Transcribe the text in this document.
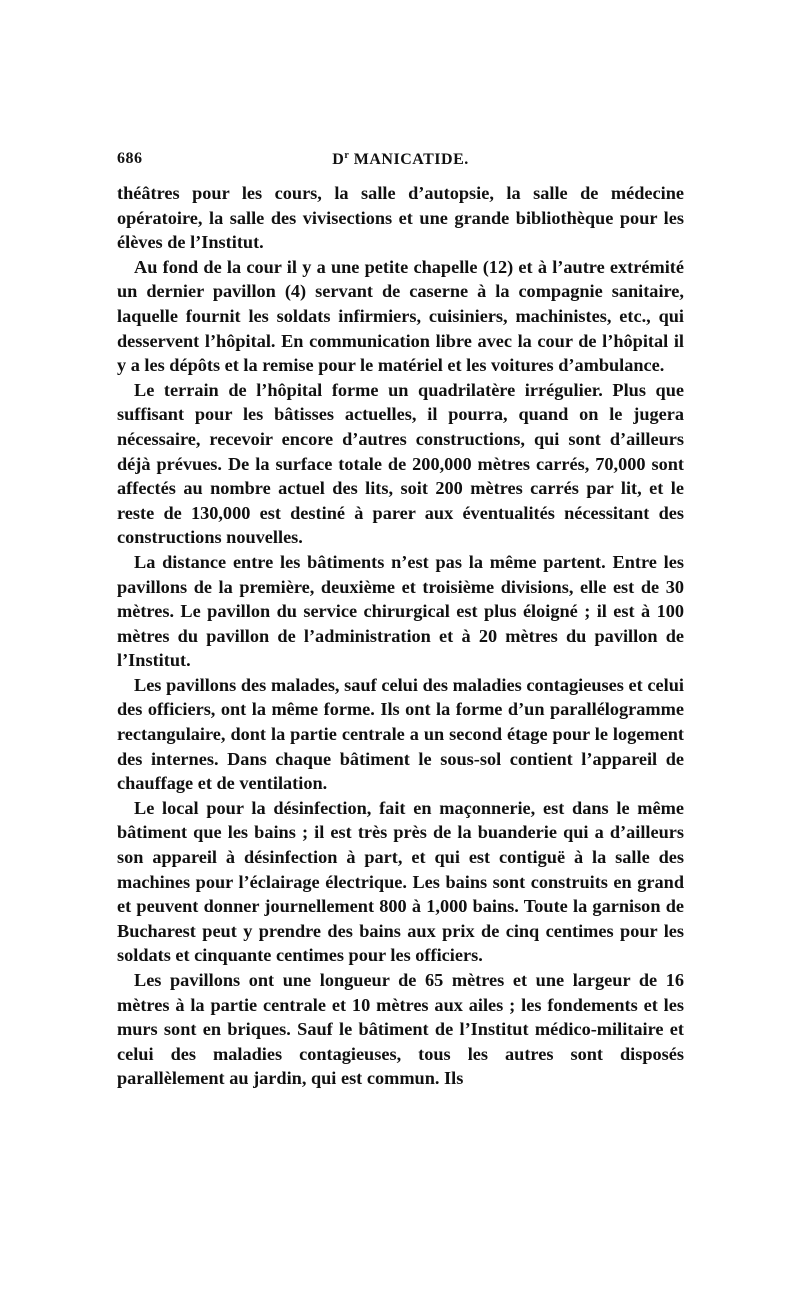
686	$D^r$ MANICATIDE.

théâtres pour les cours, la salle d’autopsie, la salle de médecine opératoire, la salle des vivisections et une grande bibliothèque pour les élèves de l’Institut.

Au fond de la cour il y a une petite chapelle (12) et à l’autre extrémité un dernier pavillon (4) servant de caserne à la compagnie sanitaire, laquelle fournit les soldats infirmiers, cuisiniers, machinistes, etc., qui desservent l’hôpital. En communication libre avec la cour de l’hôpital il y a les dépôts et la remise pour le matériel et les voitures d’ambulance.

Le terrain de l’hôpital forme un quadrilatère irrégulier. Plus que suffisant pour les bâtisses actuelles, il pourra, quand on le jugera nécessaire, recevoir encore d’autres constructions, qui sont d’ailleurs déjà prévues. De la surface totale de 200,000 mètres carrés, 70,000 sont affectés au nombre actuel des lits, soit 200 mètres carrés par lit, et le reste de 130,000 est destiné à parer aux éventualités nécessitant des constructions nouvelles.

La distance entre les bâtiments n’est pas la même partent. Entre les pavillons de la première, deuxième et troisième divisions, elle est de 30 mètres. Le pavillon du service chirurgical est plus éloigné ; il est à 100 mètres du pavillon de l’administration et à 20 mètres du pavillon de l’Institut.

Les pavillons des malades, sauf celui des maladies contagieuses et celui des officiers, ont la même forme. Ils ont la forme d’un parallélogramme rectangulaire, dont la partie centrale a un second étage pour le logement des internes. Dans chaque bâtiment le sous-sol contient l’appareil de chauffage et de ventilation.

Le local pour la désinfection, fait en maçonnerie, est dans le même bâtiment que les bains ; il est très près de la buanderie qui a d’ailleurs son appareil à désinfection à part, et qui est contiguë à la salle des machines pour l’éclairage électrique. Les bains sont construits en grand et peuvent donner journellement 800 à 1,000 bains. Toute la garnison de Bucharest peut y prendre des bains aux prix de cinq centimes pour les soldats et cinquante centimes pour les officiers.

Les pavillons ont une longueur de 65 mètres et une largeur de 16 mètres à la partie centrale et 10 mètres aux ailes ; les fondements et les murs sont en briques. Sauf le bâtiment de l’Institut médico-militaire et celui des maladies contagieuses, tous les autres sont disposés parallèlement au jardin, qui est commun. Ils
